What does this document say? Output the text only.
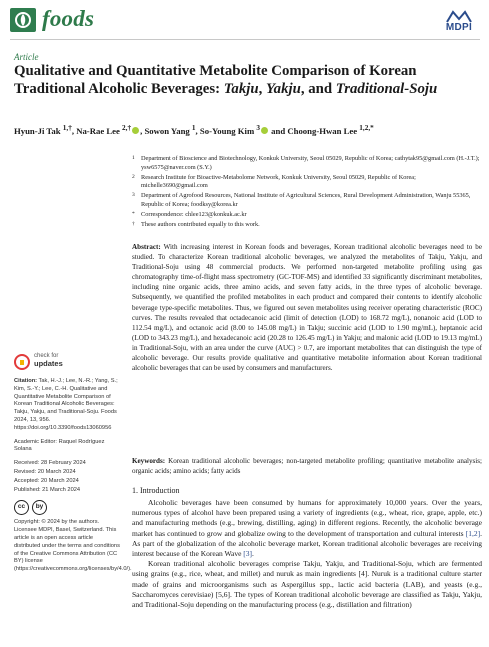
foods	MDPI
Article
Qualitative and Quantitative Metabolite Comparison of Korean Traditional Alcoholic Beverages: Takju, Yakju, and Traditional-Soju
Hyun-Ji Tak $^{1,\dagger}$, Na-Rae Lee $^{2,\dagger}$ , Sowon Yang $^1$, So-Young Kim $^3$ and Choong-Hwan Lee $^{1,2,*}$
1 Department of Bioscience and Biotechnology, Konkuk University, Seoul 05029, Republic of Korea; cathytak95@gmail.com (H.-J.T.); ysw6575@naver.com (S.Y.)
2 Research Institute for Bioactive-Metabolome Network, Konkuk University, Seoul 05029, Republic of Korea; michelle3690@gmail.com
3 Department of Agrofood Resources, National Institute of Agricultural Sciences, Rural Development Administration, Wanju 55365, Republic of Korea; foodksy@korea.kr
* Correspondence: chlee123@konkuk.ac.kr
† These authors contributed equally to this work.
Abstract: With increasing interest in Korean foods and beverages, Korean traditional alcoholic beverages need to be studied. To characterize Korean traditional alcoholic beverages, we analyzed the metabolites of Takju, Yakju, and Traditional-Soju using 48 commercial products. We performed non-targeted metabolite profiling using gas chromatography time-of-flight mass spectrometry (GC-TOF-MS) and identified 33 significantly discriminant metabolites, including nine organic acids, three amino acids, and seven fatty acids, in the three types of alcoholic beverage. Subsequently, we quantified the profiled metabolites in each product and compared their contents to identify alcoholic beverage type-specific metabolites. Thus, we figured out seven metabolites using receiver operating characteristic (ROC) curves. The results revealed that octadecanoic acid (limit of detection (LOD) to 168.72 mg/L), nonanoic acid (LOD to 112.54 mg/L), and octanoic acid (8.00 to 145.08 mg/L) in Takju; succinic acid (LOD to 1.90 mg/mL), heptanoic acid (LOD to 343.23 mg/L), and hexadecanoic acid (20.28 to 126.45 mg/L) in Yakju; and malonic acid (LOD to 19.13 mg/mL) in Traditional-Soju, with an area under the curve (AUC) > 0.7, are important metabolites that can distinguish the type of alcoholic beverage. Our results provide qualitative and quantitative metabolite information about Korean traditional alcoholic beverages that can be used by consumers and manufacturers.
Keywords: Korean traditional alcoholic beverages; non-targeted metabolite profiling; quantitative metabolite analysis; organic acids; amino acids; fatty acids
1. Introduction

Alcoholic beverages have been consumed by humans for approximately 10,000 years. Over the years, numerous types of alcohol have been prepared using a variety of ingredients (e.g., wheat, rice, grape, apple, etc.) and manufacturing methods (e.g., brewing, distilling, aging) in different regions. Recently, the alcoholic beverage market has continued to grow and globalize owing to the development of transportation and cultural interests [1,2]. As part of the globalization of the alcoholic beverage market, Korean traditional alcoholic beverages are receiving interest because of the Korean Wave [3].

Korean traditional alcoholic beverages comprise Takju, Yakju, and Traditional-Soju, which are fermented using grains (e.g., rice, wheat, and millet) and nuruk as main ingredients [4]. Nuruk is a traditional culture starter made of grains and microorganisms such as Aspergillus spp., lactic acid bacteria (LAB), and yeasts (e.g., Saccharomyces cerevisiae) [5,6]. The types of Korean traditional alcoholic beverage are classified as Takju, Yakju, and Traditional-Soju depending on the manufacturing process (e.g., distillation and filtration)

check for
updates
Citation: Tak, H.-J.; Lee, N.-R.; Yang, S.; Kim, S.-Y.; Lee, C.-H. Qualitative and Quantitative Metabolite Comparison of Korean Traditional Alcoholic Beverages: Takju, Yakju, and Traditional-Soju. Foods 2024, 13, 956. https://doi.org/10.3390/foods13060956
Academic Editor: Raquel Rodríguez Solana
Received: 28 February 2024
Revised: 20 March 2024
Accepted: 20 March 2024
Published: 21 March 2024
cc	by
Copyright: © 2024 by the authors. Licensee MDPI, Basel, Switzerland. This article is an open access article distributed under the terms and conditions of the Creative Commons Attribution (CC BY) license (https://creativecommons.org/licenses/by/4.0/).
